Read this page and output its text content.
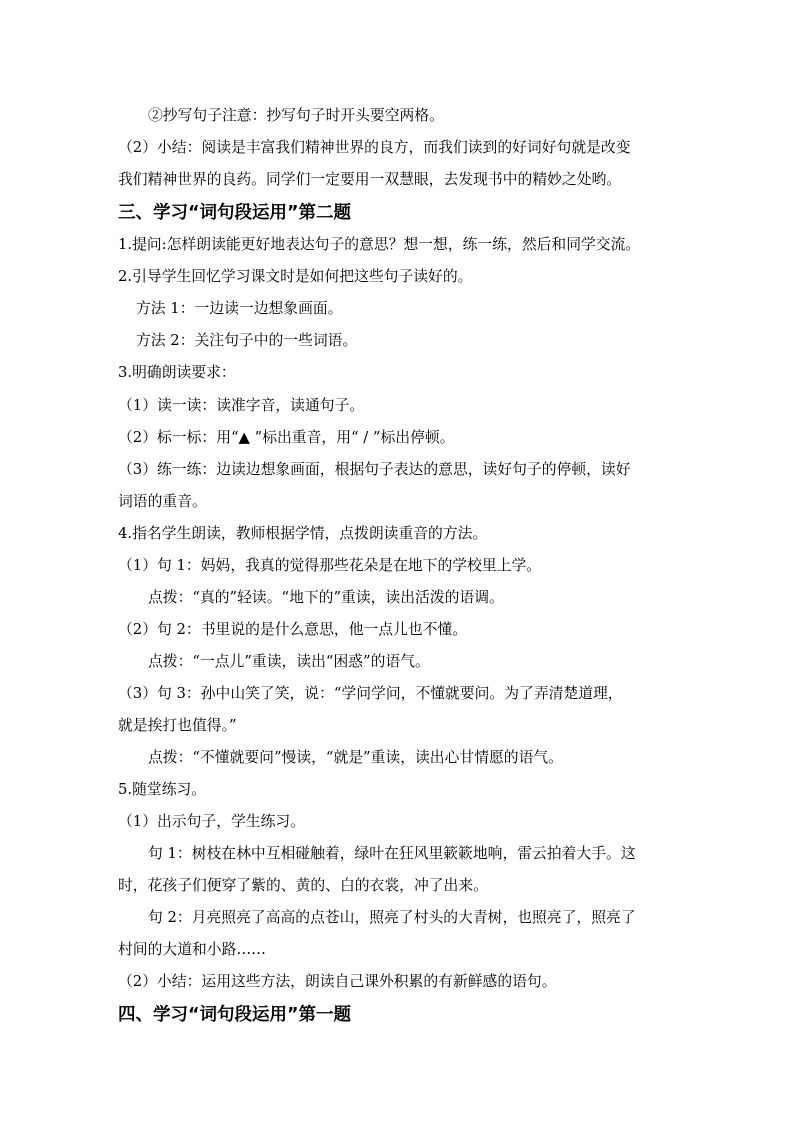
②抄写句子注意：抄写句子时开头要空两格。
（2）小结：阅读是丰富我们精神世界的良方，而我们读到的好词好句就是改变
我们精神世界的良药。同学们一定要用一双慧眼，去发现书中的精妙之处哟。
三、学习“词句段运用”第二题
1.提问:怎样朗读能更好地表达句子的意思？想一想，练一练，然后和同学交流。
2.引导学生回忆学习课文时是如何把这些句子读好的。
方法 1：一边读一边想象画面。
方法 2：关注句子中的一些词语。
3.明确朗读要求：
（1）读一读：读准字音，读通句子。
（2）标一标：用“▲ ”标出重音，用“ / ”标出停顿。
（3）练一练：边读边想象画面，根据句子表达的意思，读好句子的停顿，读好
词语的重音。
4.指名学生朗读，教师根据学情，点拨朗读重音的方法。
（1）句 1：妈妈，我真的觉得那些花朵是在地下的学校里上学。
点拨：“真的”轻读。“地下的”重读，读出活泼的语调。
（2）句 2：书里说的是什么意思，他一点儿也不懂。
点拨：“一点儿”重读，读出“困惑”的语气。
（3）句 3：孙中山笑了笑，说：“学问学问，不懂就要问。为了弄清楚道理，
就是挨打也值得。”
点拨：“不懂就要问”慢读，“就是”重读，读出心甘情愿的语气。
5.随堂练习。
（1）出示句子，学生练习。
句 1：树枝在林中互相碰触着，绿叶在狂风里簌簌地响，雷云拍着大手。这
时，花孩子们便穿了紫的、黄的、白的衣裳，冲了出来。
句 2：月亮照亮了高高的点苍山，照亮了村头的大青树，也照亮了，照亮了
村间的大道和小路……
（2）小结：运用这些方法，朗读自己课外积累的有新鲜感的语句。
四、学习“词句段运用”第一题
